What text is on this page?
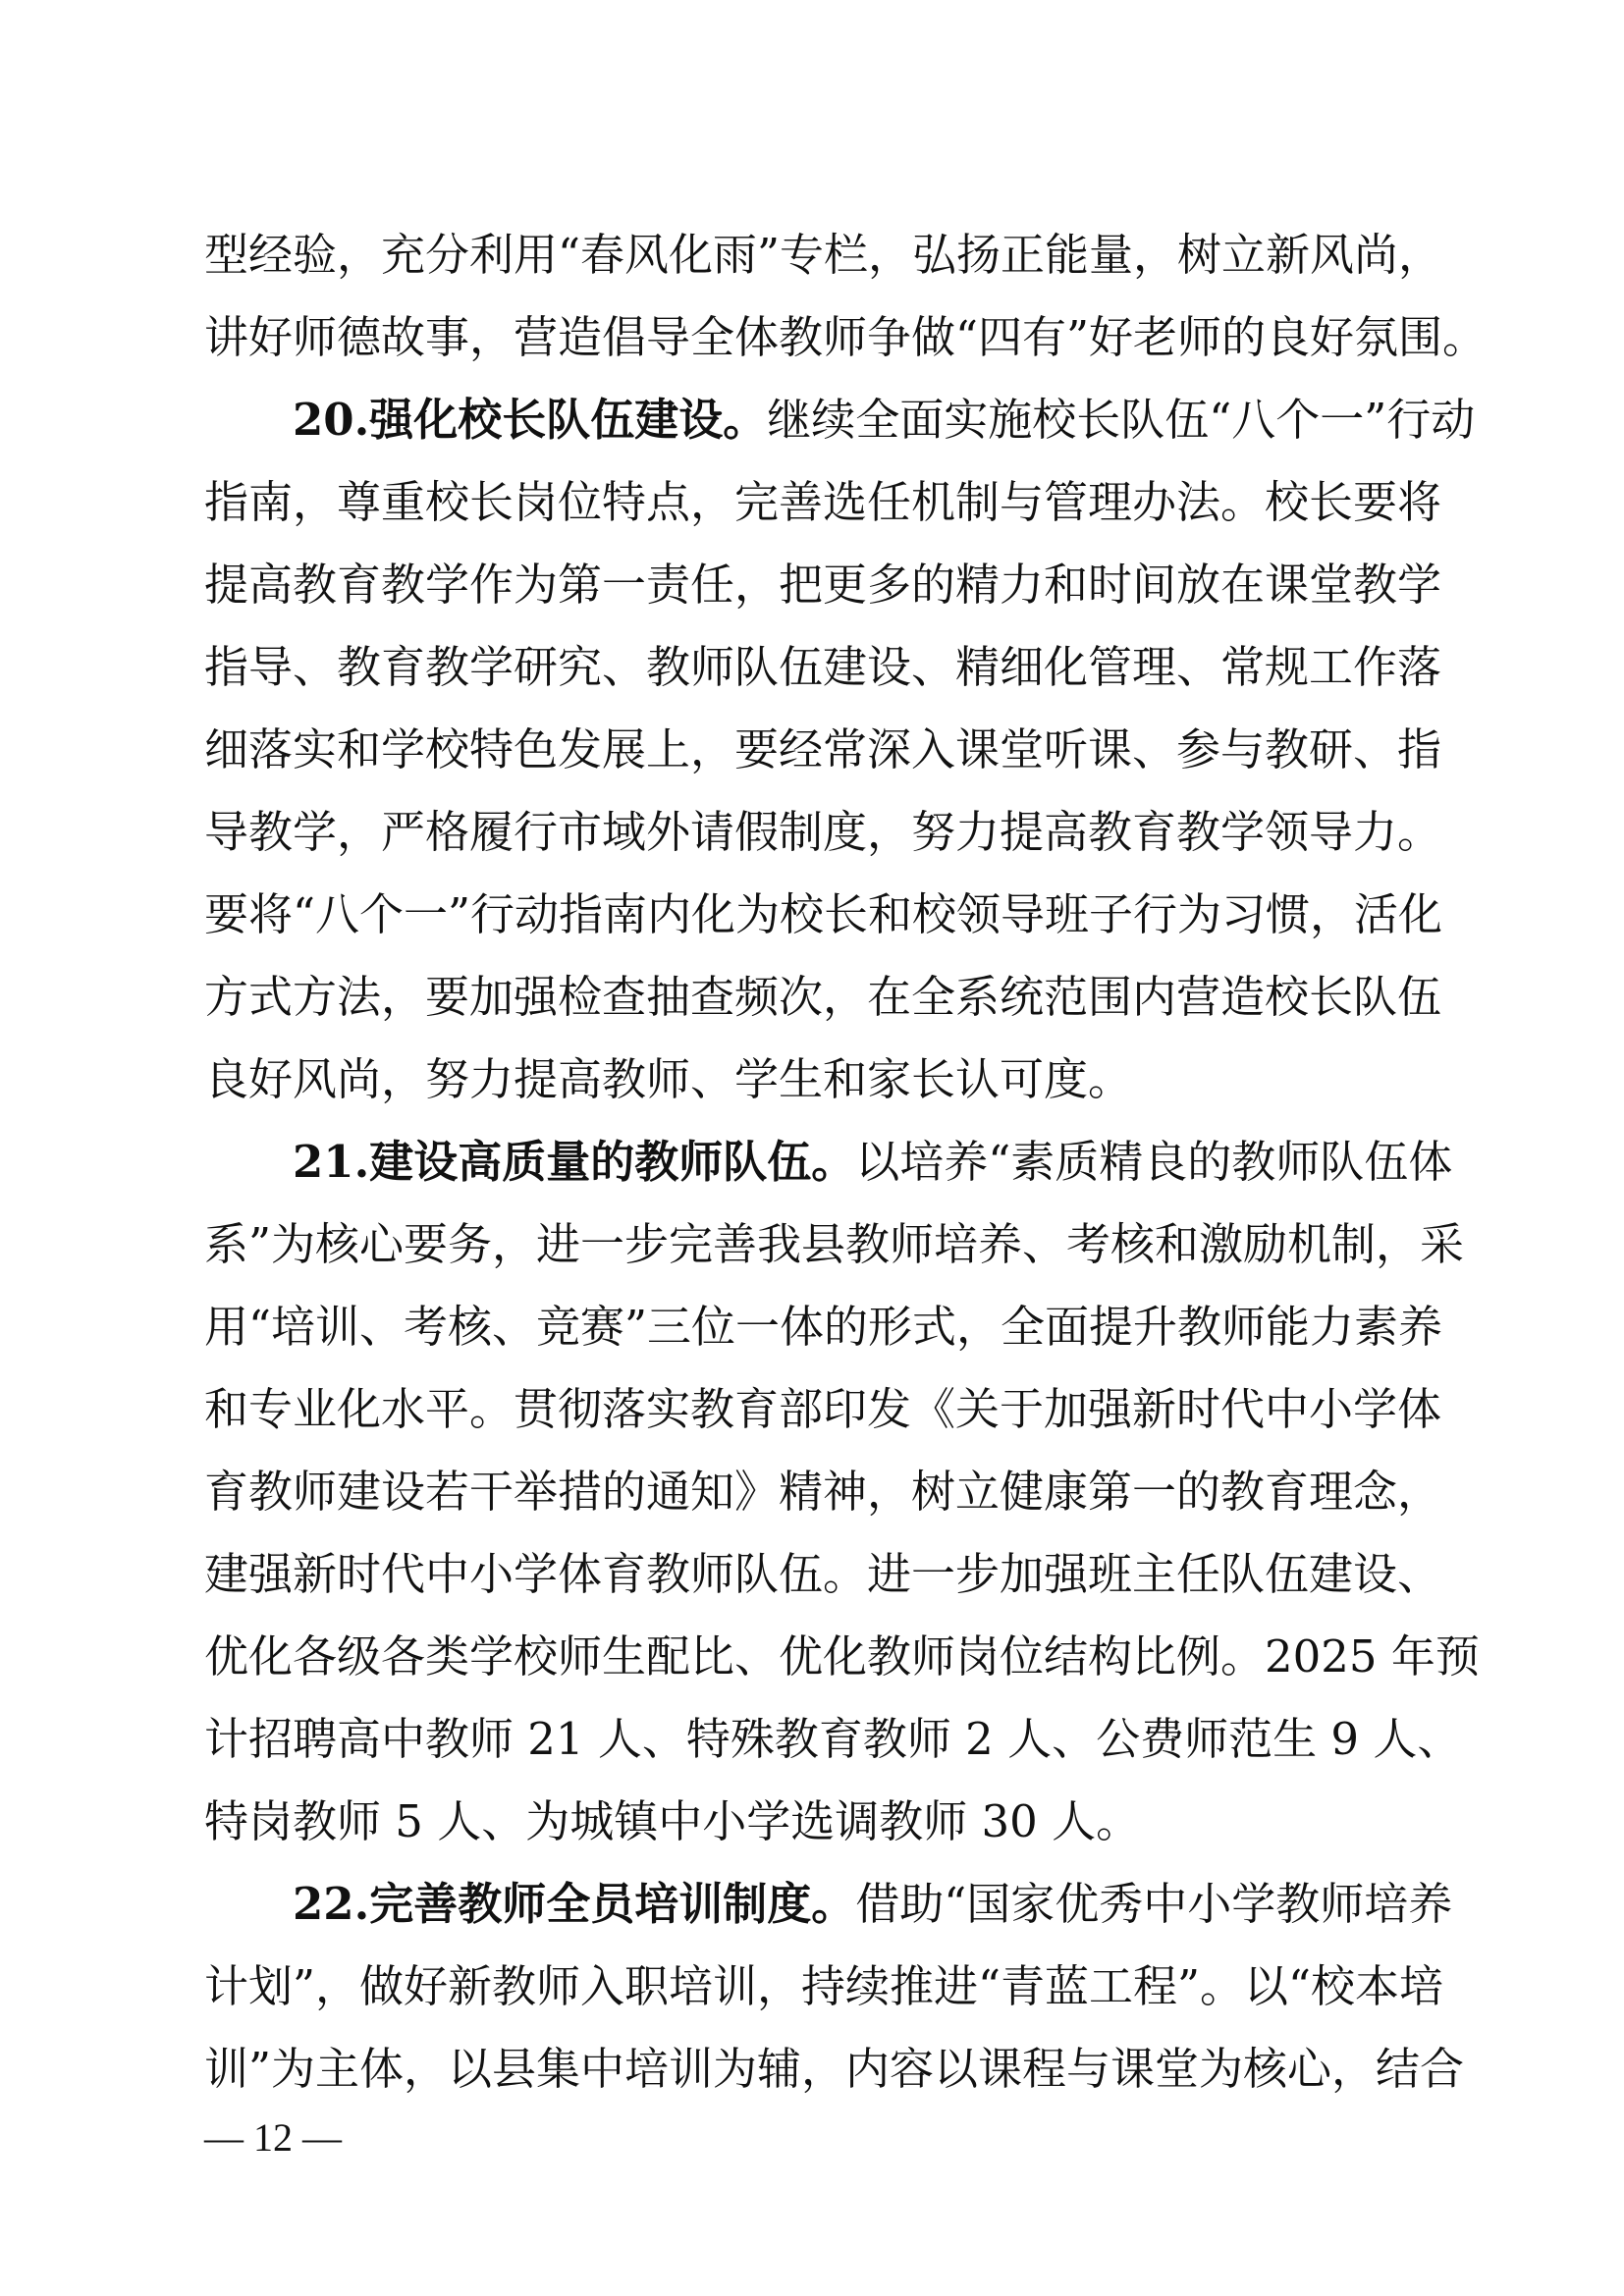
型经验，充分利用“春风化雨”专栏，弘扬正能量，树立新风尚，
讲好师德故事，营造倡导全体教师争做“四有”好老师的良好氛围。
20.强化校长队伍建设。继续全面实施校长队伍“八个一”行动
指南，尊重校长岗位特点，完善选任机制与管理办法。校长要将
提高教育教学作为第一责任，把更多的精力和时间放在课堂教学
指导、教育教学研究、教师队伍建设、精细化管理、常规工作落
细落实和学校特色发展上，要经常深入课堂听课、参与教研、指
导教学，严格履行市域外请假制度，努力提高教育教学领导力。
要将“八个一”行动指南内化为校长和校领导班子行为习惯，活化
方式方法，要加强检查抽查频次，在全系统范围内营造校长队伍
良好风尚，努力提高教师、学生和家长认可度。
21.建设高质量的教师队伍。以培养“素质精良的教师队伍体
系”为核心要务，进一步完善我县教师培养、考核和激励机制，采
用“培训、考核、竞赛”三位一体的形式，全面提升教师能力素养
和专业化水平。贯彻落实教育部印发《关于加强新时代中小学体
育教师建设若干举措的通知》精神，树立健康第一的教育理念，
建强新时代中小学体育教师队伍。进一步加强班主任队伍建设、
优化各级各类学校师生配比、优化教师岗位结构比例。2025 年预
计招聘高中教师 21 人、特殊教育教师 2 人、公费师范生 9 人、
特岗教师 5 人、为城镇中小学选调教师 30 人。
22.完善教师全员培训制度。借助“国家优秀中小学教师培养
计划”，做好新教师入职培训，持续推进“青蓝工程”。以“校本培
训”为主体，以县集中培训为辅，内容以课程与课堂为核心，结合
— 12 —
